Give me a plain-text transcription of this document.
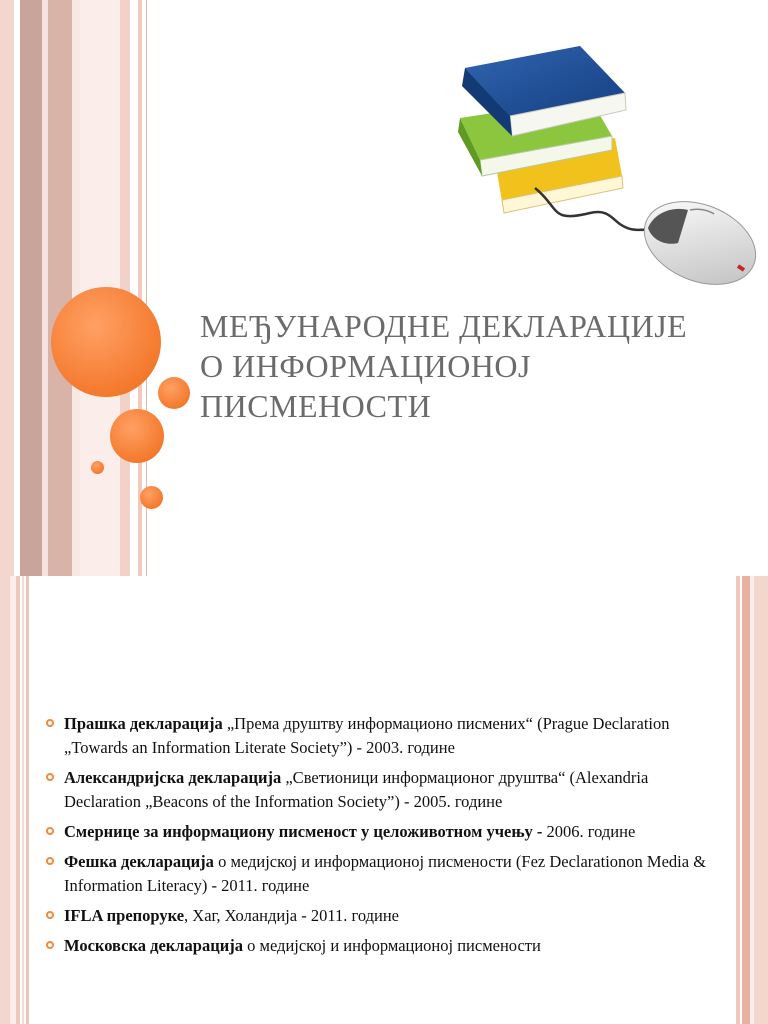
МЕЂУНАРОДНЕ ДЕКЛАРАЦИЈЕ
О ИНФОРМАЦИОНОЈ
ПИСМЕНОСТИ
Прашка декларација „Према друштву информационо писмених“ (Prague Declaration „Towards an Information Literate Society”) - 2003. године
Александријска декларација „Светионици информационог друштва“ (Alexandria Declaration „Beacons of the Information Society”) - 2005. године
Смернице за информациону писменост у целоживотном учењу - 2006. године
Фешка декларација о медијској и информационој писмености (Fez Declarationon Media & Information Literacy) - 2011. године
IFLA препоруке, Хаг, Холандија - 2011. године
Московска декларација о медијској и информационој писмености
